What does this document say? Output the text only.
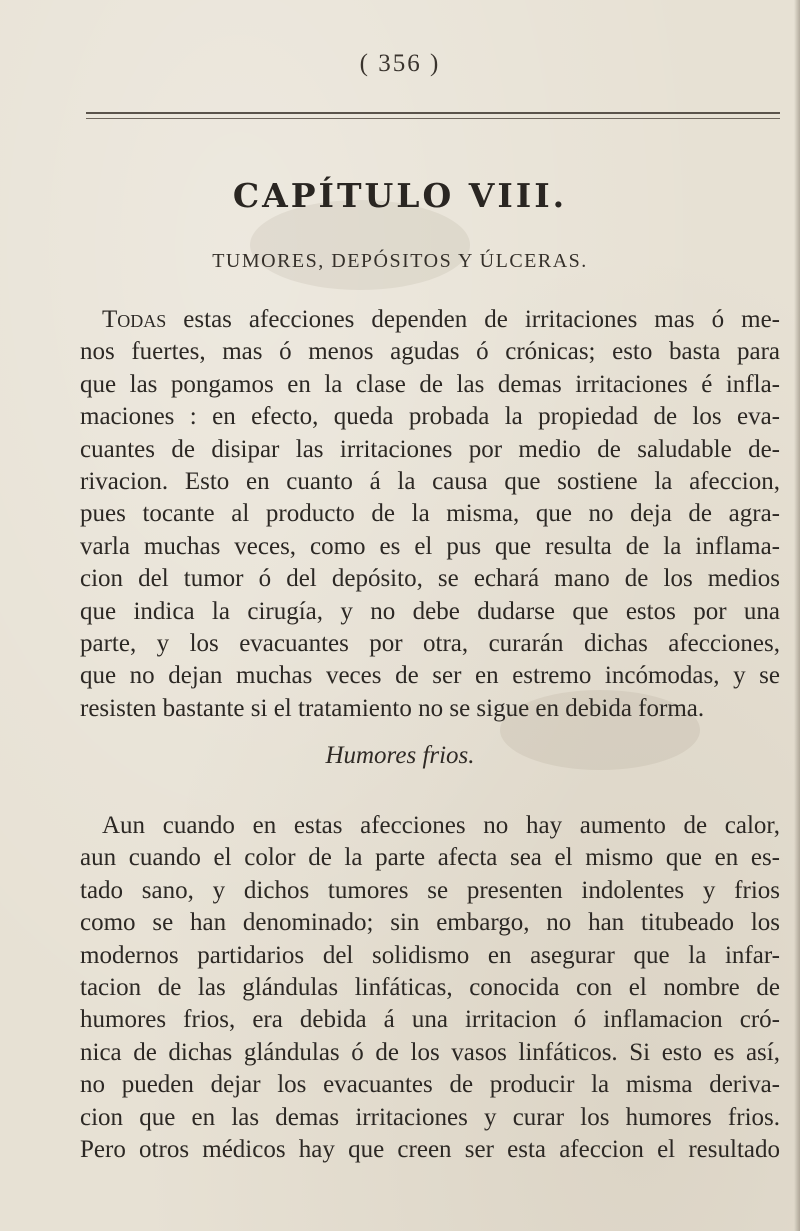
( 356 )
CAPÍTULO VIII.
TUMORES, DEPÓSITOS Y ÚLCERAS.
Todas estas afecciones dependen de irritaciones mas ó me-
nos fuertes, mas ó menos agudas ó crónicas; esto basta para
que las pongamos en la clase de las demas irritaciones é infla-
maciones : en efecto, queda probada la propiedad de los eva-
cuantes de disipar las irritaciones por medio de saludable de-
rivacion. Esto en cuanto á la causa que sostiene la afeccion,
pues tocante al producto de la misma, que no deja de agra-
varla muchas veces, como es el pus que resulta de la inflama-
cion del tumor ó del depósito, se echará mano de los medios
que indica la cirugía, y no debe dudarse que estos por una
parte, y los evacuantes por otra, curarán dichas afecciones,
que no dejan muchas veces de ser en estremo incómodas, y se
resisten bastante si el tratamiento no se sigue en debida forma.
Humores frios.
Aun cuando en estas afecciones no hay aumento de calor,
aun cuando el color de la parte afecta sea el mismo que en es-
tado sano, y dichos tumores se presenten indolentes y frios
como se han denominado; sin embargo, no han titubeado los
modernos partidarios del solidismo en asegurar que la infar-
tacion de las glándulas linfáticas, conocida con el nombre de
humores frios, era debida á una irritacion ó inflamacion cró-
nica de dichas glándulas ó de los vasos linfáticos. Si esto es así,
no pueden dejar los evacuantes de producir la misma deriva-
cion que en las demas irritaciones y curar los humores frios.
Pero otros médicos hay que creen ser esta afeccion el resultado
